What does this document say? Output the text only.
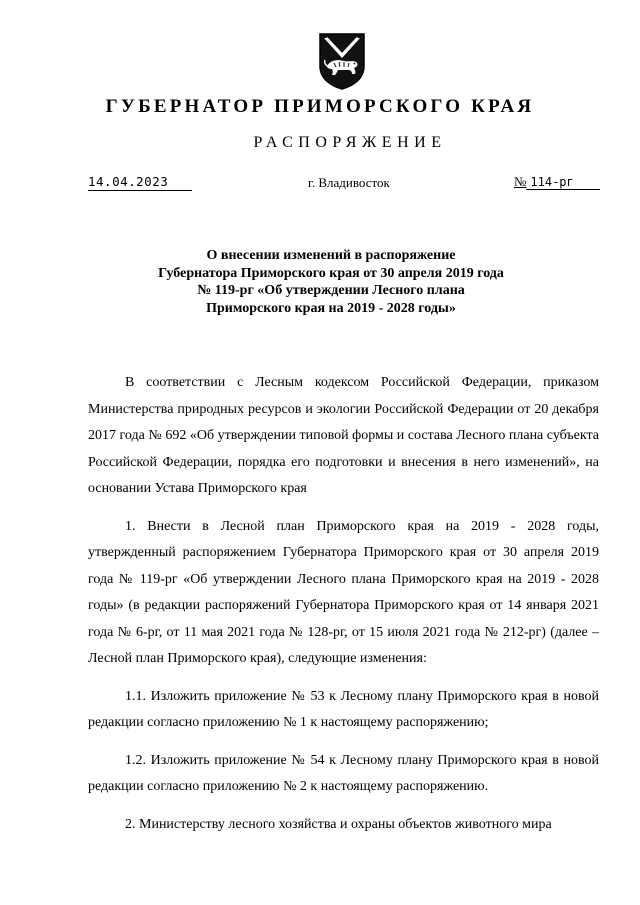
ГУБЕРНАТОР ПРИМОРСКОГО КРАЯ
РАСПОРЯЖЕНИЕ
14.04.2023	г. Владивосток	№ 114-рг
О внесении изменений в распоряжение
Губернатора Приморского края от 30 апреля 2019 года
№ 119-рг «Об утверждении Лесного плана
Приморского края на 2019 - 2028 годы»

В соответствии с Лесным кодексом Российской Федерации, приказом Министерства природных ресурсов и экологии Российской Федерации от 20 декабря 2017 года № 692 «Об утверждении типовой формы и состава Лесного плана субъекта Российской Федерации, порядка его подготовки и внесения в него изменений», на основании Устава Приморского края

1. Внести в Лесной план Приморского края на 2019 - 2028 годы, утвержденный распоряжением Губернатора Приморского края от 30 апреля 2019 года № 119-рг «Об утверждении Лесного плана Приморского края на 2019 - 2028 годы» (в редакции распоряжений Губернатора Приморского края от 14 января 2021 года № 6-рг, от 11 мая 2021 года № 128-рг, от 15 июля 2021 года № 212-рг) (далее – Лесной план Приморского края), следующие изменения:

1.1. Изложить приложение № 53 к Лесному плану Приморского края в новой редакции согласно приложению № 1 к настоящему распоряжению;

1.2. Изложить приложение № 54 к Лесному плану Приморского края в новой редакции согласно приложению № 2 к настоящему распоряжению.

2. Министерству лесного хозяйства и охраны объектов животного мира
